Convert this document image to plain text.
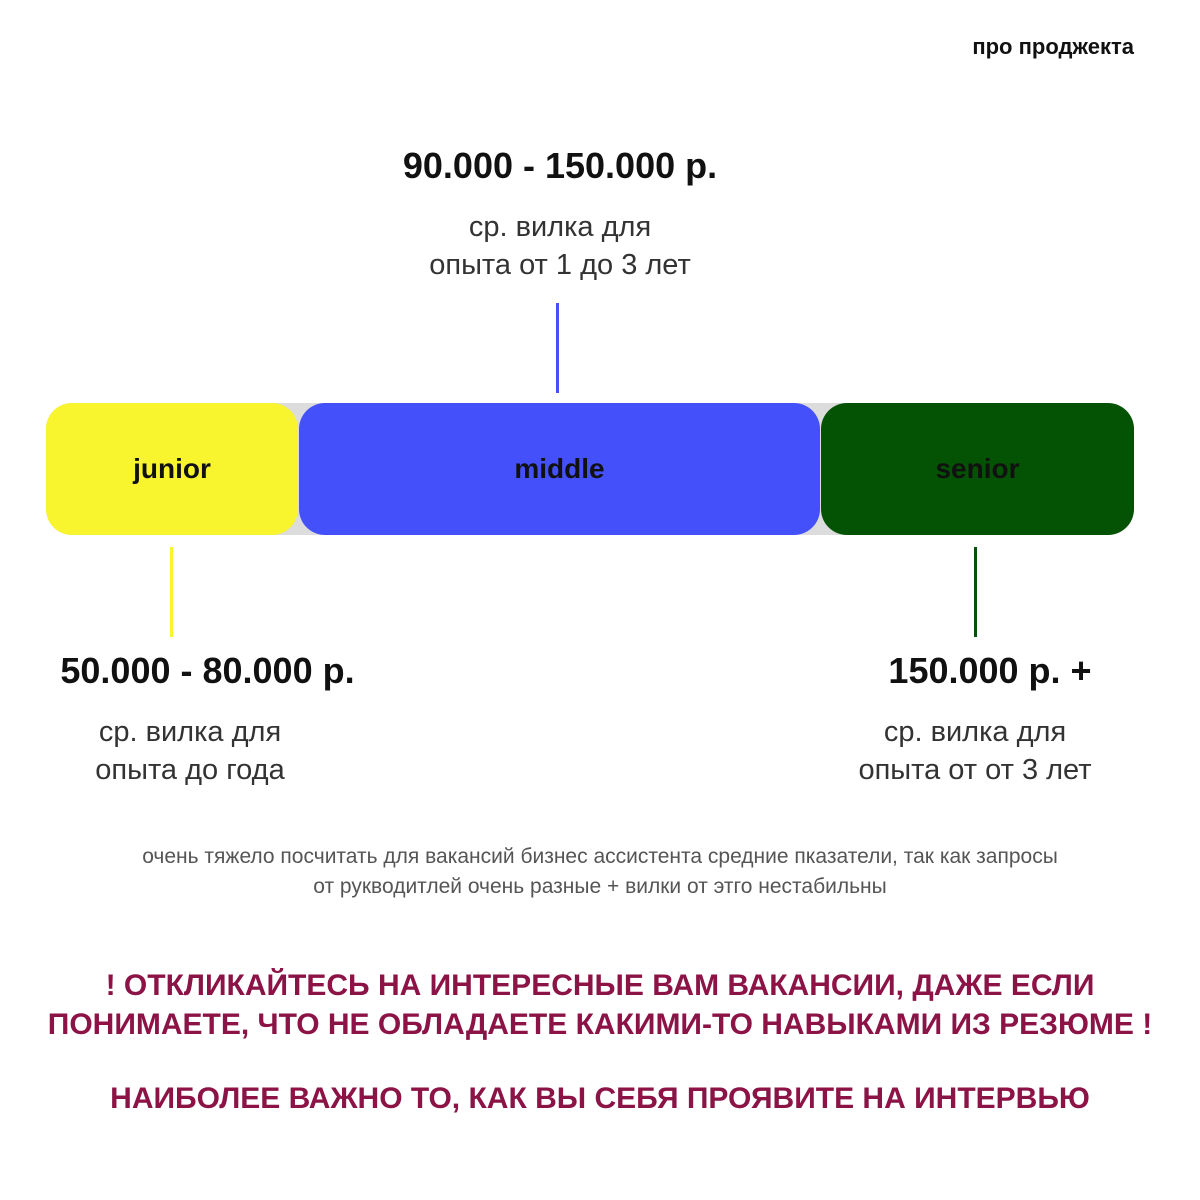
про проджекта
90.000 - 150.000 р.
ср. вилка для
опыта от 1 до 3 лет
junior	middle	senior
50.000 - 80.000 р.
ср. вилка для
опыта до года
150.000 р. +
ср. вилка для
опыта от от 3 лет
очень тяжело посчитать для вакансий бизнес ассистента средние пказатели, так как запросы
от рукводитлей очень разные + вилки от этго нестабильны
! ОТКЛИКАЙТЕСЬ НА ИНТЕРЕСНЫЕ ВАМ ВАКАНСИИ, ДАЖЕ ЕСЛИ
ПОНИМАЕТЕ, ЧТО НЕ ОБЛАДАЕТЕ КАКИМИ-ТО НАВЫКАМИ ИЗ РЕЗЮМЕ !
НАИБОЛЕЕ ВАЖНО ТО, КАК ВЫ СЕБЯ ПРОЯВИТЕ НА ИНТЕРВЬЮ
